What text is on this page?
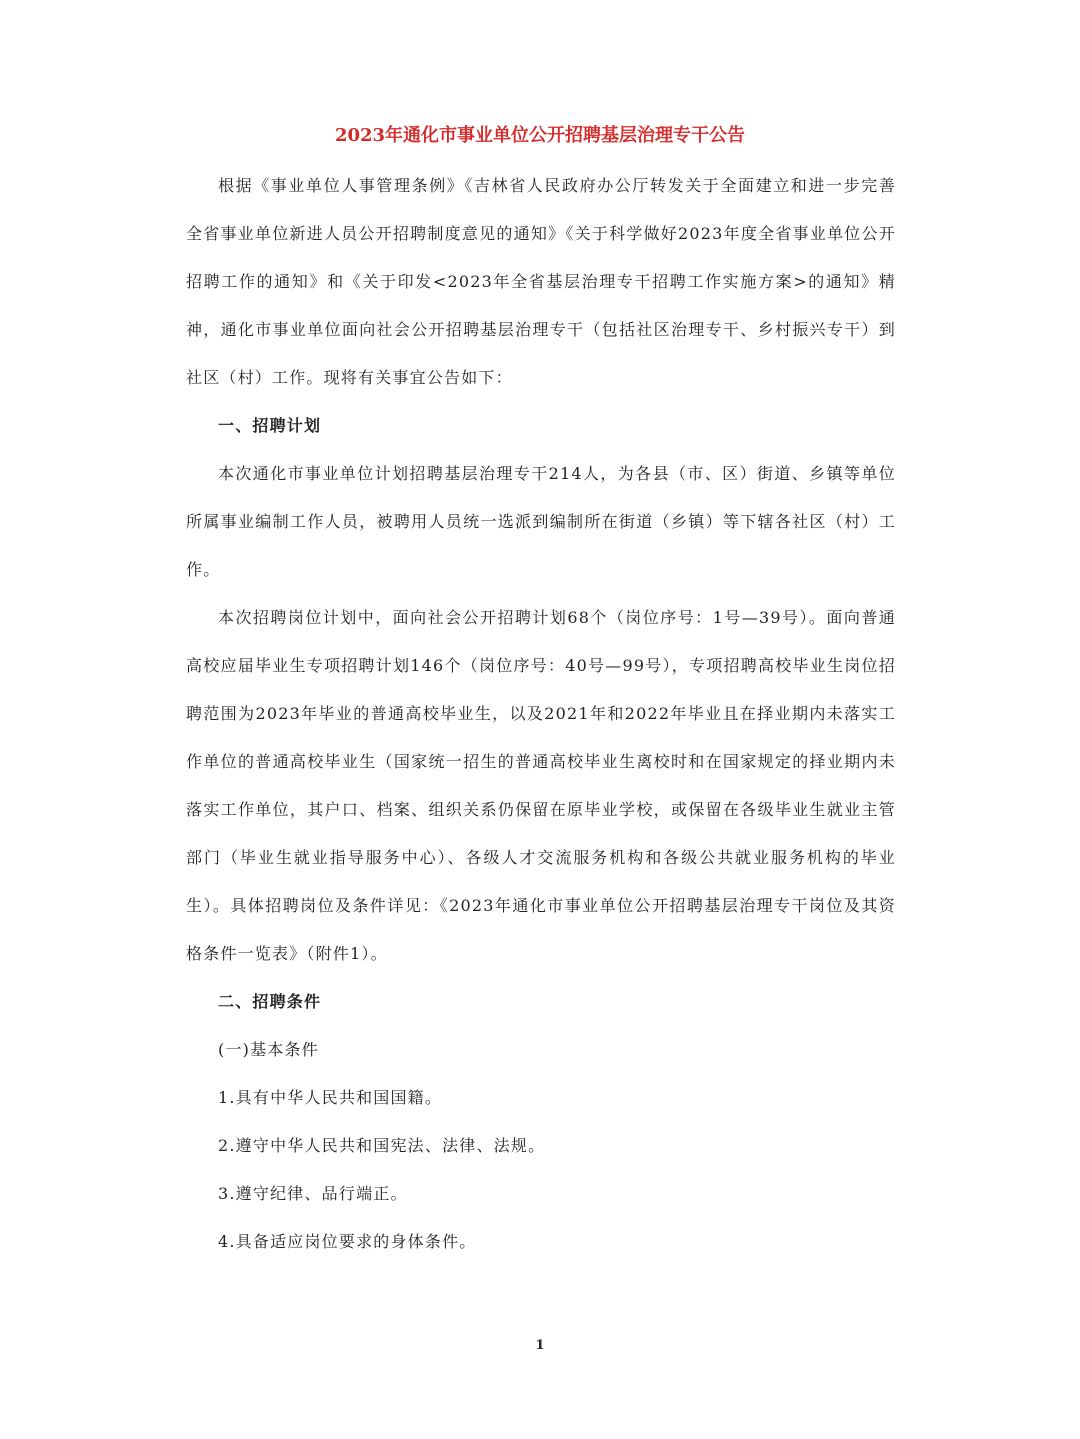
2023年通化市事业单位公开招聘基层治理专干公告

根据《事业单位人事管理条例》《吉林省人民政府办公厅转发关于全面建立和进一步完善全省事业单位新进人员公开招聘制度意见的通知》《关于科学做好2023年度全省事业单位公开招聘工作的通知》和《关于印发<2023年全省基层治理专干招聘工作实施方案>的通知》精神，通化市事业单位面向社会公开招聘基层治理专干（包括社区治理专干、乡村振兴专干）到社区（村）工作。现将有关事宜公告如下：

一、招聘计划

本次通化市事业单位计划招聘基层治理专干214人，为各县（市、区）街道、乡镇等单位所属事业编制工作人员，被聘用人员统一选派到编制所在街道（乡镇）等下辖各社区（村）工作。

本次招聘岗位计划中，面向社会公开招聘计划68个（岗位序号：1号—39号）。面向普通高校应届毕业生专项招聘计划146个（岗位序号：40号—99号），专项招聘高校毕业生岗位招聘范围为2023年毕业的普通高校毕业生，以及2021年和2022年毕业且在择业期内未落实工作单位的普通高校毕业生（国家统一招生的普通高校毕业生离校时和在国家规定的择业期内未落实工作单位，其户口、档案、组织关系仍保留在原毕业学校，或保留在各级毕业生就业主管部门（毕业生就业指导服务中心）、各级人才交流服务机构和各级公共就业服务机构的毕业生）。具体招聘岗位及条件详见：《2023年通化市事业单位公开招聘基层治理专干岗位及其资格条件一览表》（附件1）。

二、招聘条件

(一)基本条件

1.具有中华人民共和国国籍。

2.遵守中华人民共和国宪法、法律、法规。

3.遵守纪律、品行端正。

4.具备适应岗位要求的身体条件。

1
